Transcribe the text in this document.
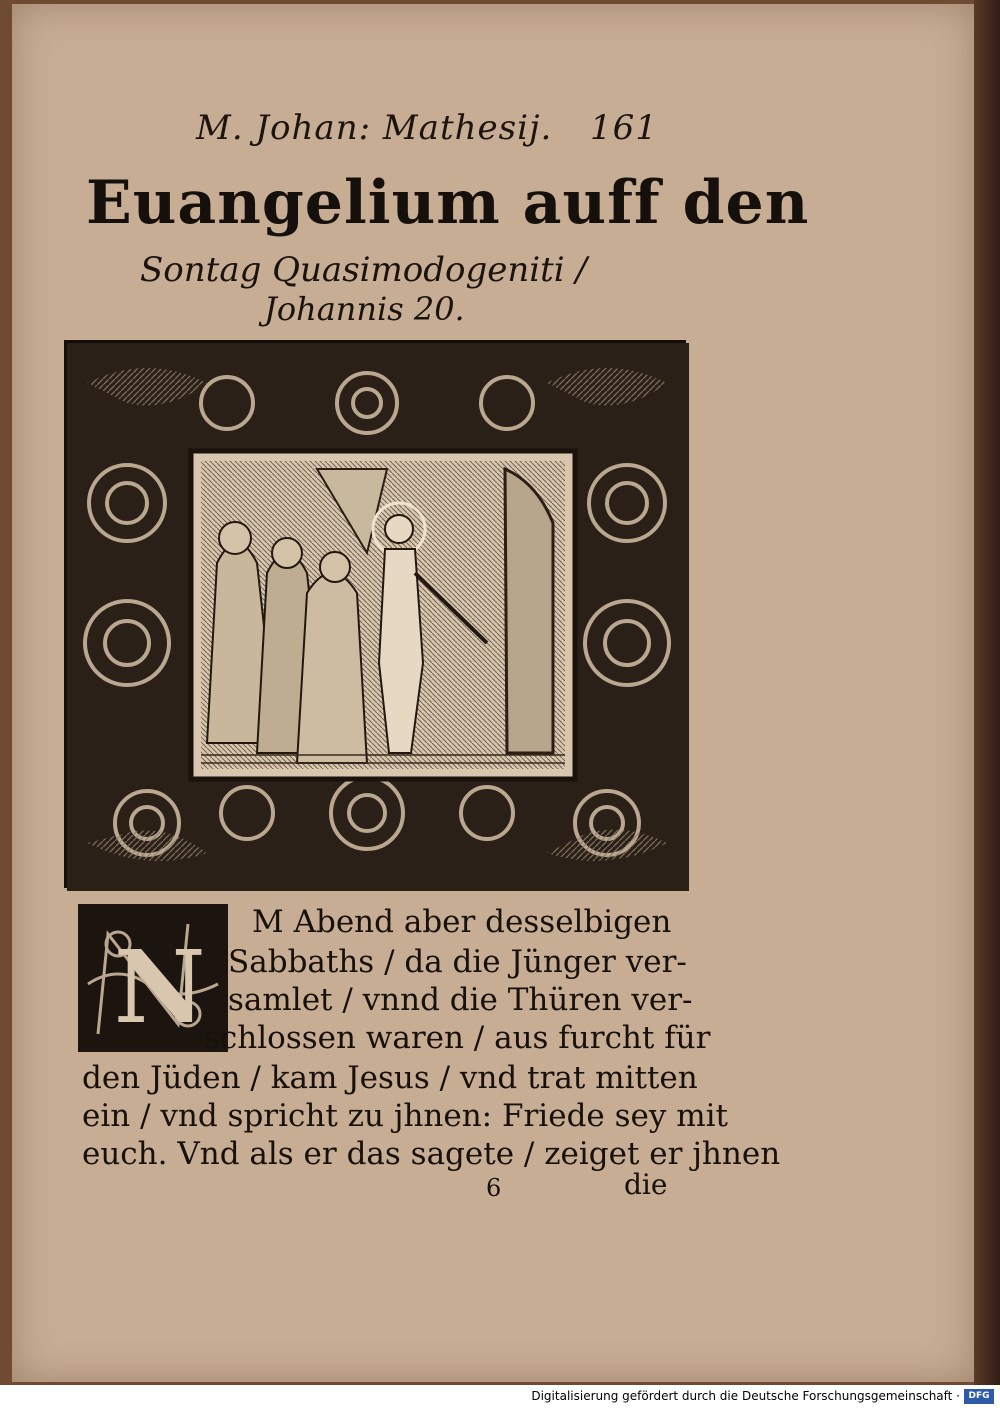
M. Johan: Mathesij. 161
Euangelium auff den
Sontag Quasimodogeniti /
Johannis 20.
N
M Abend aber desselbigen
Sabbaths / da die Jünger ver-
samlet / vnnd die Thüren ver-
schlossen waren / aus furcht für
den Jüden / kam Jesus / vnd trat mitten
ein / vnd spricht zu jhnen: Friede sey mit
euch. Vnd als er das sagete / zeiget er jhnen
6	die
Digitalisierung gefördert durch die Deutsche Forschungsgemeinschaft · DFG
